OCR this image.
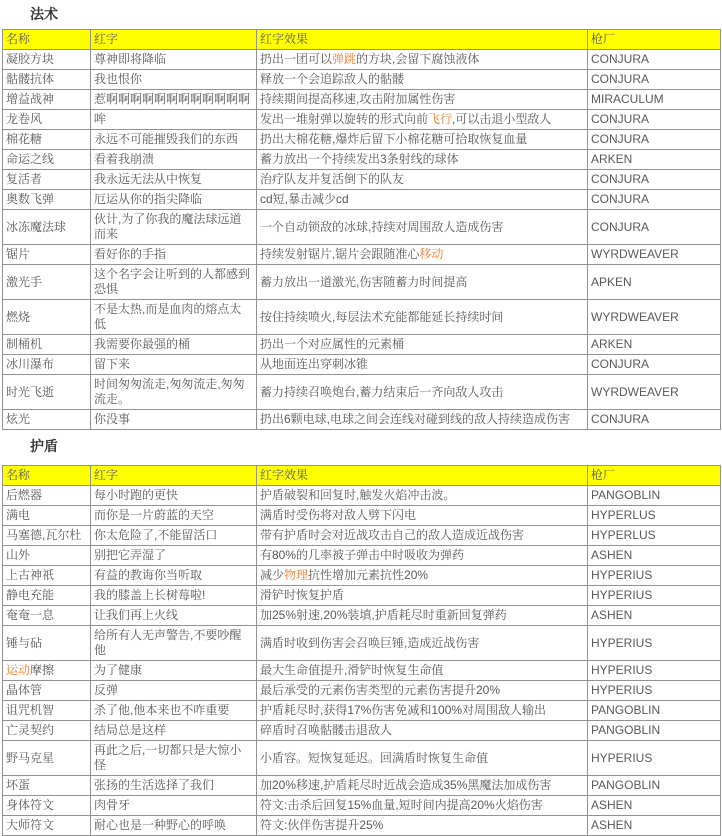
法术
名称	红字	红字效果	枪厂
凝胶方块	尊神即将降临	扔出一团可以弹跳的方块,会留下腐蚀液体	CONJURA
骷髅抗体	我也恨你	释放一个会追踪敌人的骷髅	CONJURA
增益战神	惹啊啊啊啊啊啊啊啊啊啊啊啊	持续期间提高移速,攻击附加属性伤害	MIRACULUM
龙卷风	哞	发出一堆射弹以旋转的形式向前飞行,可以击退小型敌人	CONJURA
棉花糖	永远不可能摧毁我们的东西	扔出大棉花糖,爆炸后留下小棉花糖可拾取恢复血量	CONJURA
命运之线	看着我崩溃	蓄力放出一个持续发出3条射线的球体	ARKEN
复活者	我永远无法从中恢复	治疗队友并复活倒下的队友	CONJURA
奥数飞弹	厄运从你的指尖降临	cd短,暴击减少cd	CONJURA
冰冻魔法球	伙计,为了你我的魔法球远道而来	一个自动锁敌的冰球,持续对周围敌人造成伤害	CONJURA
锯片	看好你的手指	持续发射锯片,锯片会跟随准心移动	WYRDWEAVER
激光手	这个名字会让听到的人都感到恐惧	蓄力放出一道激光,伤害随蓄力时间提高	APKEN
燃烧	不是太热,而是血肉的熔点太低	按住持续喷火,每层法术充能都能延长持续时间	WYRDWEAVER
制桶机	我需要你最强的桶	扔出一个对应属性的元素桶	ARKEN
冰川瀑布	留下来	从地面连出穿刺冰锥	CONJURA
时光飞逝	时间匆匆流走,匆匆流走,匆匆流走。	蓄力持续召唤炮台,蓄力结束后一齐向敌人攻击	WYRDWEAVER
炫光	你没事	扔出6颗电球,电球之间会连线对碰到线的敌人持续造成伤害	CONJURA
护盾
名称	红字	红字效果	枪厂
后燃器	每小时跑的更快	护盾破裂和回复时,触发火焰冲击波。	PANGOBLIN
满电	而你是一片蔚蓝的天空	满盾时受伤将对敌人劈下闪电	HYPERLUS
马塞德,瓦尔杜	你太危险了,不能留活口	带有护盾时会对近战攻击自己的敌人造成近战伤害	HYPERLUS
山外	别把它弄湿了	有80%的几率被子弹击中时吸收为弹药	ASHEN
上古神祇	有益的教诲你当听取	减少物理抗性增加元素抗性20%	HYPERIUS
静电充能	我的膝盖上长树莓啦!	滑铲时恢复护盾	HYPERIUS
奄奄一息	让我们再上火线	加25%射速,20%装填,护盾耗尽时重新回复弹药	ASHEN
锤与砧	给所有人无声警告,不要吵醒他	满盾时收到伤害会召唤巨锤,造成近战伤害	HYPERIUS
运动摩擦	为了健康	最大生命值提升,滑铲时恢复生命值	HYPERIUS
晶体管	反弹	最后承受的元素伤害类型的元素伤害提升20%	HYPERIUS
诅咒机智	杀了他,他本来也不咋重要	护盾耗尽时,获得17%伤害免减和100%对周围敌人输出	PANGOBLIN
亡灵契约	结局总是这样	碎盾时召唤骷髅击退敌人	PANGOBLIN
野马克星	再此之后,一切都只是大惊小怪	小盾容。短恢复延迟。回满盾时恢复生命值	HYPERIUS
坏蛋	张扬的生活选择了我们	加20%移速,护盾耗尽时近战会造成35%黑魔法加成伤害	PANGOBLIN
身体符文	肉骨牙	符文:击杀后回复15%血量,短时间内提高20%火焰伤害	ASHEN
大师符文	耐心也是一种野心的呼唤	符文:伙伴伤害提升25%	ASHEN
